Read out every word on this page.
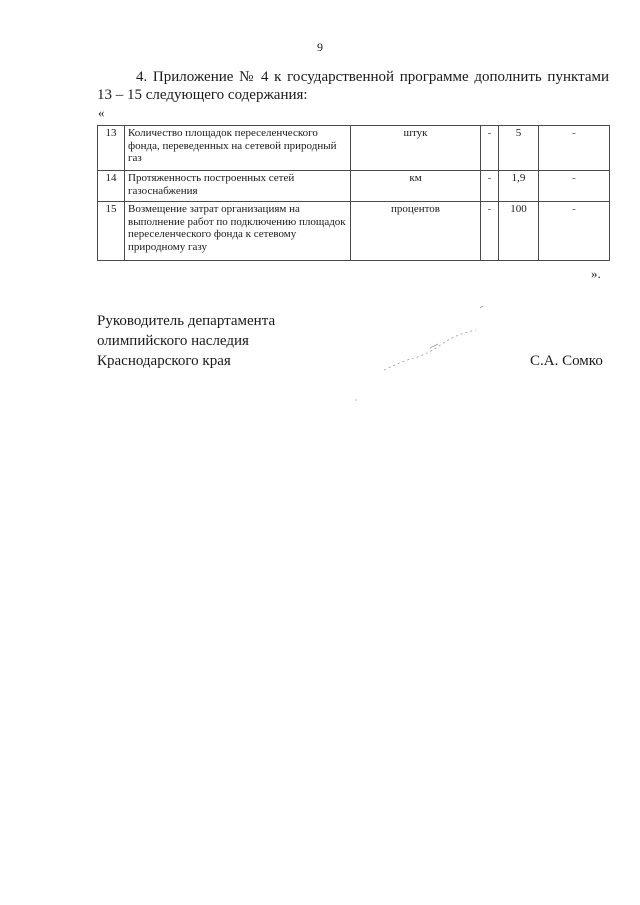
9

4. Приложение № 4 к государственной программе дополнить пунктами 13 – 15 следующего содержания:

«
13	Количество площадок переселенческого фонда, переведенных на сетевой природный газ	штук	-	5	-
14	Протяженность построенных сетей газоснабжения	км	-	1,9	-
15	Возмещение затрат организациям на выполнение работ по подключению площадок переселенческого фонда к сетевому природному газу	процентов	-	100	-
».
Руководитель департамента
олимпийского наследия
Краснодарского края	С.А. Сомко
